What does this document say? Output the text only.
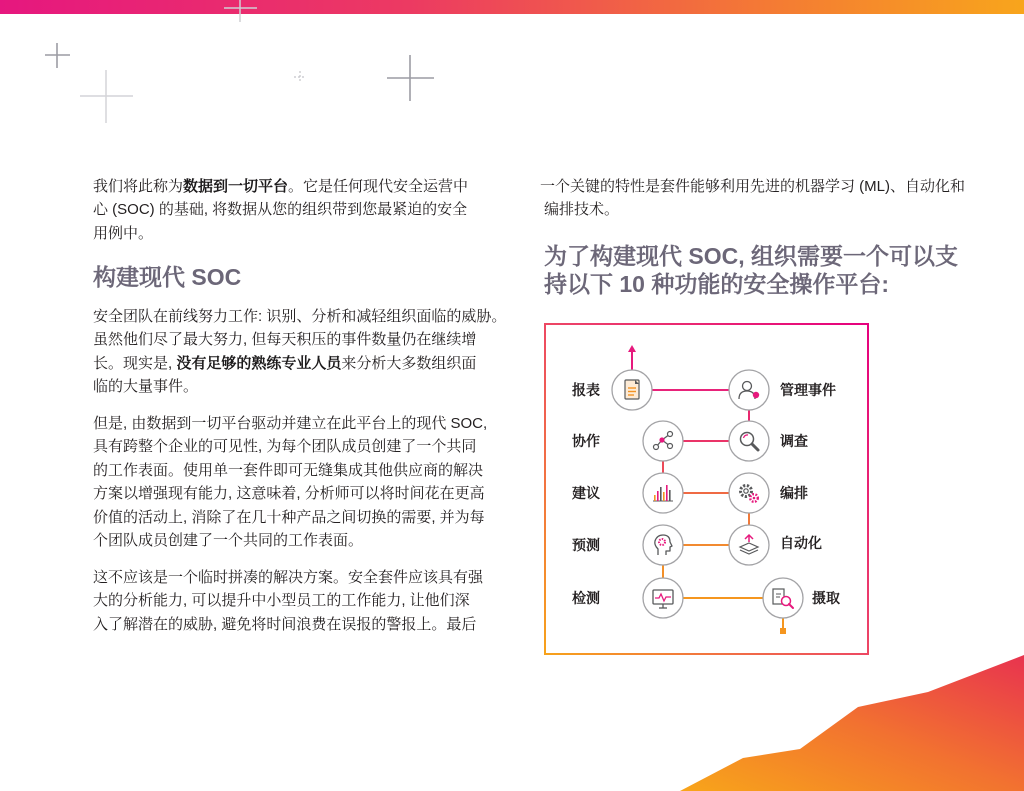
我们将此称为数据到一切平台。它是任何现代安全运营中
心 (SOC) 的基础, 将数据从您的组织带到您最紧迫的安全
用例中。
构建现代 SOC
安全团队在前线努力工作: 识别、分析和减轻组织面临的威胁。
虽然他们尽了最大努力, 但每天积压的事件数量仍在继续增
长。现实是, 没有足够的熟练专业人员来分析大多数组织面
临的大量事件。
但是, 由数据到一切平台驱动并建立在此平台上的现代 SOC,
具有跨整个企业的可见性, 为每个团队成员创建了一个共同
的工作表面。使用单一套件即可无缝集成其他供应商的解决
方案以增强现有能力, 这意味着, 分析师可以将时间花在更高
价值的活动上, 消除了在几十种产品之间切换的需要, 并为每
个团队成员创建了一个共同的工作表面。
这不应该是一个临时拼凑的解决方案。安全套件应该具有强
大的分析能力, 可以提升中小型员工的工作能力, 让他们深
入了解潜在的威胁, 避免将时间浪费在误报的警报上。最后
一个关键的特性是套件能够利用先进的机器学习 (ML)、自动化和
编排技术。
为了构建现代 SOC, 组织需要一个可以支
持以下 10 种功能的安全操作平台:
报表	管理事件
协作	调查
建议	编排
预测	自动化
检测	摄取
